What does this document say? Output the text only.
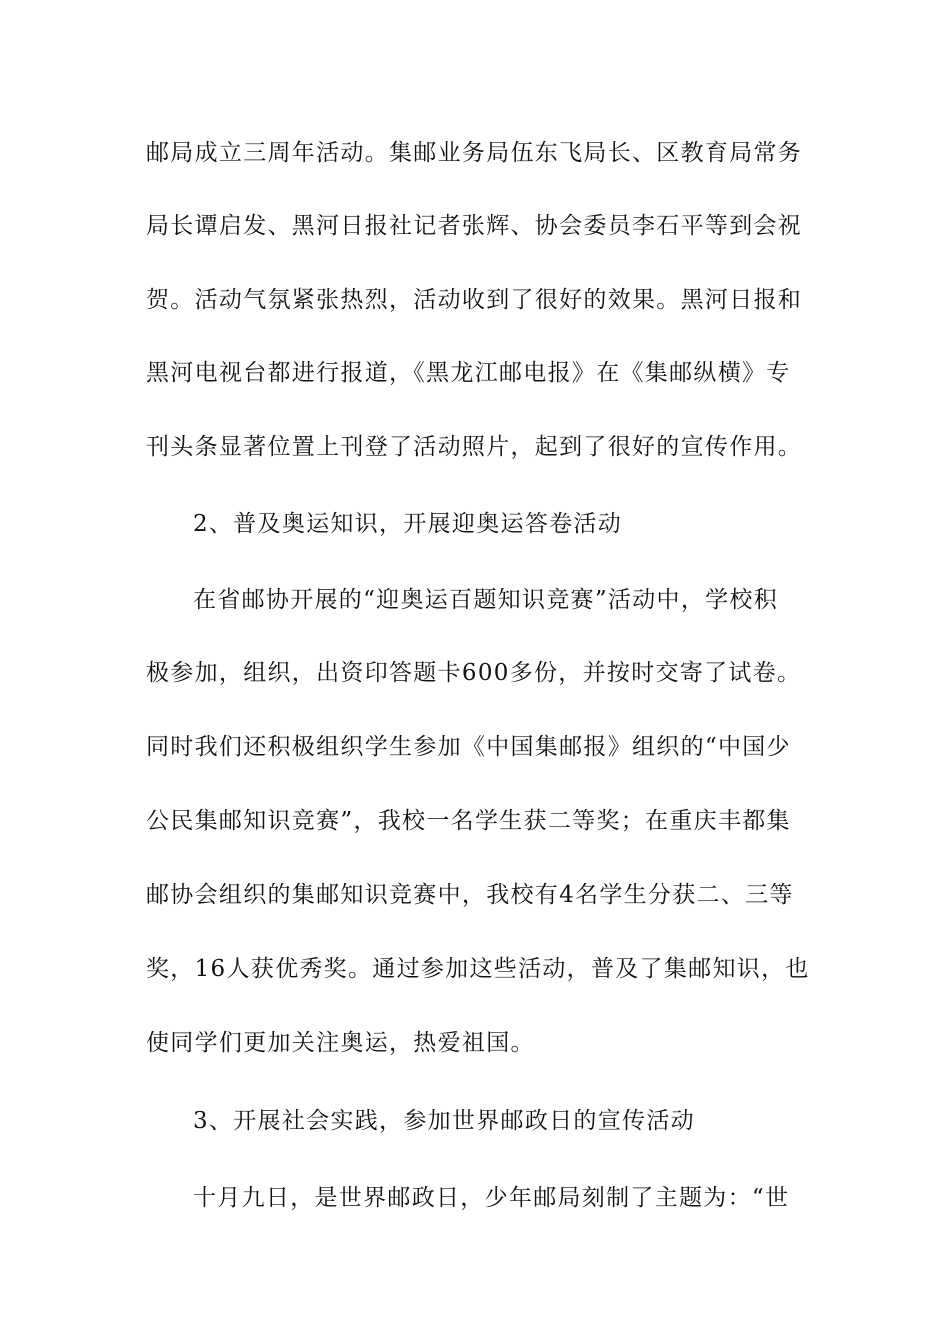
邮局成立三周年活动。集邮业务局伍东飞局长、区教育局常务
局长谭启发、黑河日报社记者张辉、协会委员李石平等到会祝
贺。活动气氛紧张热烈，活动收到了很好的效果。黑河日报和
黑河电视台都进行报道，《黑龙江邮电报》在《集邮纵横》专
刊头条显著位置上刊登了活动照片，起到了很好的宣传作用。
2、普及奥运知识，开展迎奥运答卷活动
在省邮协开展的“迎奥运百题知识竞赛”活动中，学校积
极参加，组织，出资印答题卡600多份，并按时交寄了试卷。
同时我们还积极组织学生参加《中国集邮报》组织的“中国少
公民集邮知识竞赛”，我校一名学生获二等奖；在重庆丰都集
邮协会组织的集邮知识竞赛中，我校有4名学生分获二、三等
奖，16人获优秀奖。通过参加这些活动，普及了集邮知识，也
使同学们更加关注奥运，热爱祖国。
3、开展社会实践，参加世界邮政日的宣传活动
十月九日，是世界邮政日，少年邮局刻制了主题为：“世
